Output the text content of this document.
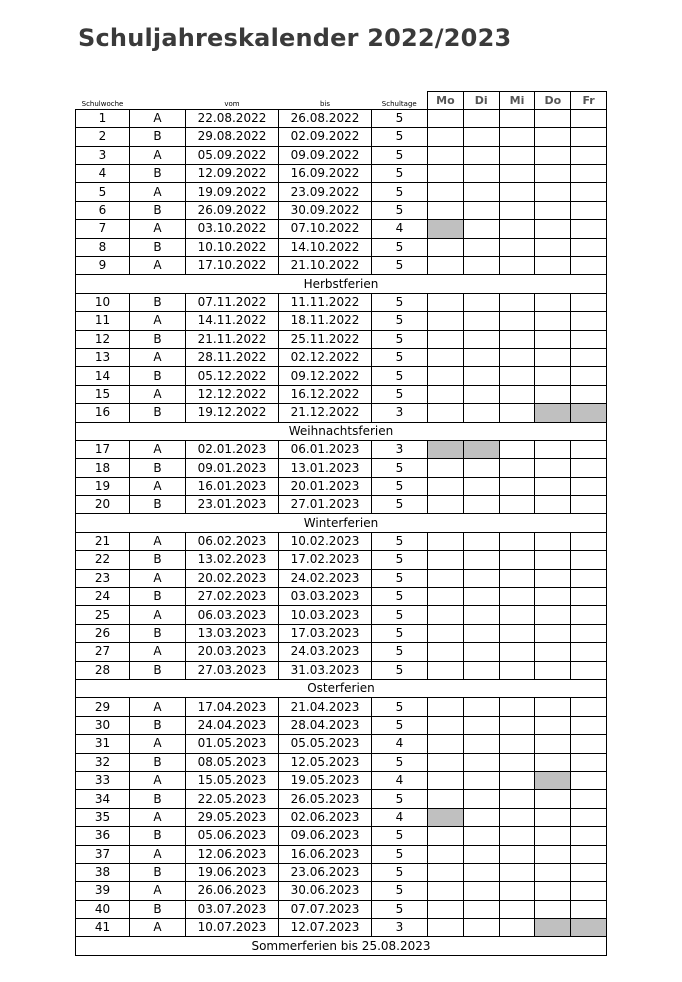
Schuljahreskalender 2022/2023
Schulwoche		vom	bis	Schultage	Mo	Di	Mi	Do	Fr
1	A	22.08.2022	26.08.2022	5					
2	B	29.08.2022	02.09.2022	5					
3	A	05.09.2022	09.09.2022	5					
4	B	12.09.2022	16.09.2022	5					
5	A	19.09.2022	23.09.2022	5					
6	B	26.09.2022	30.09.2022	5					
7	A	03.10.2022	07.10.2022	4					
8	B	10.10.2022	14.10.2022	5					
9	A	17.10.2022	21.10.2022	5					
Herbstferien									
10	B	07.11.2022	11.11.2022	5					
11	A	14.11.2022	18.11.2022	5					
12	B	21.11.2022	25.11.2022	5					
13	A	28.11.2022	02.12.2022	5					
14	B	05.12.2022	09.12.2022	5					
15	A	12.12.2022	16.12.2022	5					
16	B	19.12.2022	21.12.2022	3					
Weihnachtsferien									
17	A	02.01.2023	06.01.2023	3					
18	B	09.01.2023	13.01.2023	5					
19	A	16.01.2023	20.01.2023	5					
20	B	23.01.2023	27.01.2023	5					
Winterferien									
21	A	06.02.2023	10.02.2023	5					
22	B	13.02.2023	17.02.2023	5					
23	A	20.02.2023	24.02.2023	5					
24	B	27.02.2023	03.03.2023	5					
25	A	06.03.2023	10.03.2023	5					
26	B	13.03.2023	17.03.2023	5					
27	A	20.03.2023	24.03.2023	5					
28	B	27.03.2023	31.03.2023	5					
Osterferien									
29	A	17.04.2023	21.04.2023	5					
30	B	24.04.2023	28.04.2023	5					
31	A	01.05.2023	05.05.2023	4					
32	B	08.05.2023	12.05.2023	5					
33	A	15.05.2023	19.05.2023	4					
34	B	22.05.2023	26.05.2023	5					
35	A	29.05.2023	02.06.2023	4					
36	B	05.06.2023	09.06.2023	5					
37	A	12.06.2023	16.06.2023	5					
38	B	19.06.2023	23.06.2023	5					
39	A	26.06.2023	30.06.2023	5					
40	B	03.07.2023	07.07.2023	5					
41	A	10.07.2023	12.07.2023	3					
Sommerferien bis 25.08.2023									
